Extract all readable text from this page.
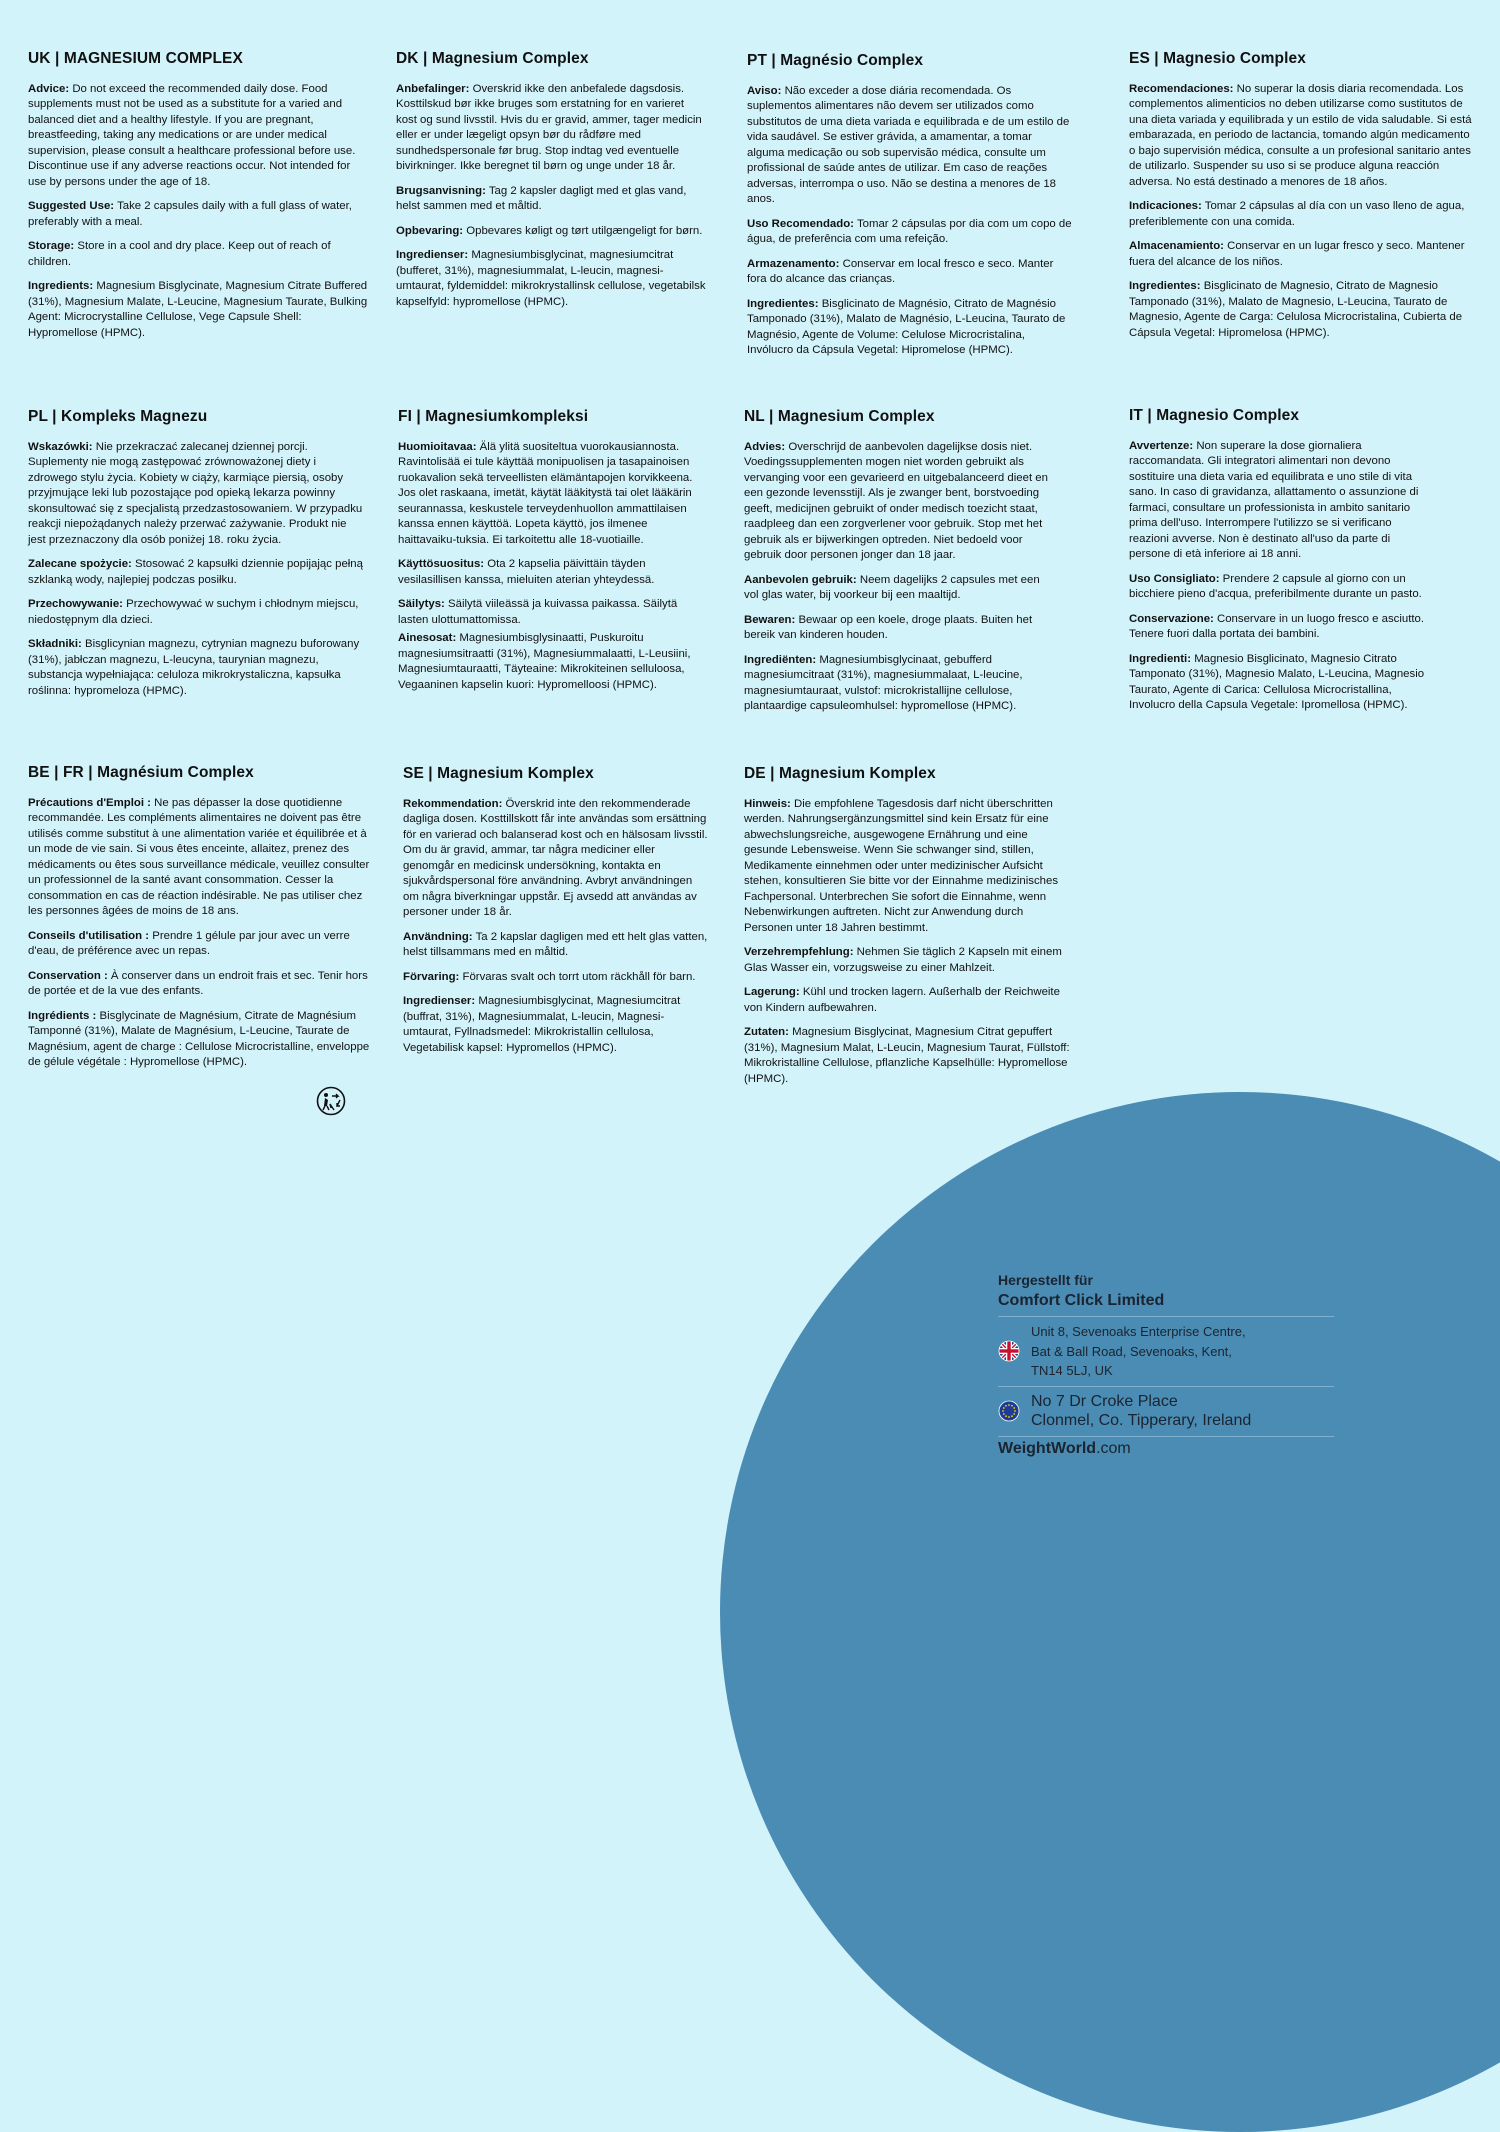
UK | MAGNESIUM COMPLEX

Advice: Do not exceed the recommended daily dose. Food supplements must not be used as a substitute for a varied and balanced diet and a healthy lifestyle. If you are pregnant, breastfeeding, taking any medications or are under medical supervision, please consult a healthcare professional before use. Discontinue use if any adverse reactions occur. Not intended for use by persons under the age of 18.

Suggested Use: Take 2 capsules daily with a full glass of water, preferably with a meal.

Storage: Store in a cool and dry place. Keep out of reach of children.

Ingredients: Magnesium Bisglycinate, Magnesium Citrate Buffered (31%), Magnesium Malate, L-Leucine, Magnesium Taurate, Bulking Agent: Microcrystalline Cellulose, Vege Capsule Shell: Hypromellose (HPMC).

DK | Magnesium Complex

Anbefalinger: Overskrid ikke den anbefalede dagsdosis. Kosttilskud bør ikke bruges som erstatning for en varieret kost og sund livsstil. Hvis du er gravid, ammer, tager medicin eller er under lægeligt opsyn bør du rådføre med sundhedspersonale før brug. Stop indtag ved eventuelle bivirkninger. Ikke beregnet til børn og unge under 18 år.

Brugsanvisning: Tag 2 kapsler dagligt med et glas vand, helst sammen med et måltid.

Opbevaring: Opbevares køligt og tørt utilgængeligt for børn.

Ingredienser: Magnesiumbisglycinat, magnesiumcitrat (bufferet, 31%), magnesiummalat, L-leucin, magnesi-umtaurat, fyldemiddel: mikrokrystallinsk cellulose, vegetabilsk kapselfyld: hypromellose (HPMC).

PT | Magnésio Complex

Aviso: Não exceder a dose diária recomendada. Os suplementos alimentares não devem ser utilizados como substitutos de uma dieta variada e equilibrada e de um estilo de vida saudável. Se estiver grávida, a amamentar, a tomar alguma medicação ou sob supervisão médica, consulte um profissional de saúde antes de utilizar. Em caso de reações adversas, interrompa o uso. Não se destina a menores de 18 anos.

Uso Recomendado: Tomar 2 cápsulas por dia com um copo de água, de preferência com uma refeição.

Armazenamento: Conservar em local fresco e seco. Manter fora do alcance das crianças.

Ingredientes: Bisglicinato de Magnésio, Citrato de Magnésio Tamponado (31%), Malato de Magnésio, L-Leucina, Taurato de Magnésio, Agente de Volume: Celulose Microcristalina, Invólucro da Cápsula Vegetal: Hipromelose (HPMC).

ES | Magnesio Complex

Recomendaciones: No superar la dosis diaria recomendada. Los complementos alimenticios no deben utilizarse como sustitutos de una dieta variada y equilibrada y un estilo de vida saludable. Si está embarazada, en periodo de lactancia, tomando algún medicamento o bajo supervisión médica, consulte a un profesional sanitario antes de utilizarlo. Suspender su uso si se produce alguna reacción adversa. No está destinado a menores de 18 años.

Indicaciones: Tomar 2 cápsulas al día con un vaso lleno de agua, preferiblemente con una comida.

Almacenamiento: Conservar en un lugar fresco y seco. Mantener fuera del alcance de los niños.

Ingredientes: Bisglicinato de Magnesio, Citrato de Magnesio Tamponado (31%), Malato de Magnesio, L-Leucina, Taurato de Magnesio, Agente de Carga: Celulosa Microcristalina, Cubierta de Cápsula Vegetal: Hipromelosa (HPMC).

PL | Kompleks Magnezu

Wskazówki: Nie przekraczać zalecanej dziennej porcji. Suplementy nie mogą zastępować zrównoważonej diety i zdrowego stylu życia. Kobiety w ciąży, karmiące piersią, osoby przyjmujące leki lub pozostające pod opieką lekarza powinny skonsultować się z specjalistą przedzastosowaniem. W przypadku reakcji niepożądanych należy przerwać zażywanie. Produkt nie jest przeznaczony dla osób poniżej 18. roku życia.

Zalecane spożycie: Stosować 2 kapsułki dziennie popijając pełną szklanką wody, najlepiej podczas posiłku.

Przechowywanie: Przechowywać w suchym i chłodnym miejscu, niedostępnym dla dzieci.

Składniki: Bisglicynian magnezu, cytrynian magnezu buforowany (31%), jabłczan magnezu, L-leucyna, taurynian magnezu, substancja wypełniająca: celuloza mikrokrystaliczna, kapsułka roślinna: hypromeloza (HPMC).

FI | Magnesiumkompleksi

Huomioitavaa: Älä ylitä suositeltua vuorokausiannosta. Ravintolisää ei tule käyttää monipuolisen ja tasapainoisen ruokavalion sekä terveellisten elämäntapojen korvikkeena. Jos olet raskaana, imetät, käytät lääkitystä tai olet lääkärin seurannassa, keskustele terveydenhuollon ammattilaisen kanssa ennen käyttöä. Lopeta käyttö, jos ilmenee haittavaiku-tuksia. Ei tarkoitettu alle 18-vuotiaille.

Käyttösuositus: Ota 2 kapselia päivittäin täyden vesilasillisen kanssa, mieluiten aterian yhteydessä.

Säilytys: Säilytä viileässä ja kuivassa paikassa. Säilytä lasten ulottumattomissa.

Ainesosat: Magnesiumbisglysinaatti, Puskuroitu magnesiumsitraatti (31%), Magnesiummalaatti, L-Leusiini, Magnesiumtauraatti, Täyteaine: Mikrokiteinen selluloosa, Vegaaninen kapselin kuori: Hypromelloosi (HPMC).

NL | Magnesium Complex

Advies: Overschrijd de aanbevolen dagelijkse dosis niet. Voedingssupplementen mogen niet worden gebruikt als vervanging voor een gevarieerd en uitgebalanceerd dieet en een gezonde levensstijl. Als je zwanger bent, borstvoeding geeft, medicijnen gebruikt of onder medisch toezicht staat, raadpleeg dan een zorgverlener voor gebruik. Stop met het gebruik als er bijwerkingen optreden. Niet bedoeld voor gebruik door personen jonger dan 18 jaar.

Aanbevolen gebruik: Neem dagelijks 2 capsules met een vol glas water, bij voorkeur bij een maaltijd.

Bewaren: Bewaar op een koele, droge plaats. Buiten het bereik van kinderen houden.

Ingrediënten: Magnesiumbisglycinaat, gebufferd magnesiumcitraat (31%), magnesiummalaat, L-leucine, magnesiumtauraat, vulstof: microkristallijne cellulose, plantaardige capsuleomhulsel: hypromellose (HPMC).

IT | Magnesio Complex

Avvertenze: Non superare la dose giornaliera raccomandata. Gli integratori alimentari non devono sostituire una dieta varia ed equilibrata e uno stile di vita sano. In caso di gravidanza, allattamento o assunzione di farmaci, consultare un professionista in ambito sanitario prima dell'uso. Interrompere l'utilizzo se si verificano reazioni avverse. Non è destinato all'uso da parte di persone di età inferiore ai 18 anni.

Uso Consigliato: Prendere 2 capsule al giorno con un bicchiere pieno d'acqua, preferibilmente durante un pasto.

Conservazione: Conservare in un luogo fresco e asciutto. Tenere fuori dalla portata dei bambini.

Ingredienti: Magnesio Bisglicinato, Magnesio Citrato Tamponato (31%), Magnesio Malato, L-Leucina, Magnesio Taurato, Agente di Carica: Cellulosa Microcristallina, Involucro della Capsula Vegetale: Ipromellosa (HPMC).

BE | FR | Magnésium Complex

Précautions d'Emploi : Ne pas dépasser la dose quotidienne recommandée. Les compléments alimentaires ne doivent pas être utilisés comme substitut à une alimentation variée et équilibrée et à un mode de vie sain. Si vous êtes enceinte, allaitez, prenez des médicaments ou êtes sous surveillance médicale, veuillez consulter un professionnel de la santé avant consommation. Cesser la consommation en cas de réaction indésirable. Ne pas utiliser chez les personnes âgées de moins de 18 ans.

Conseils d'utilisation : Prendre 1 gélule par jour avec un verre d'eau, de préférence avec un repas.

Conservation : À conserver dans un endroit frais et sec. Tenir hors de portée et de la vue des enfants.

Ingrédients : Bisglycinate de Magnésium, Citrate de Magnésium Tamponné (31%), Malate de Magnésium, L-Leucine, Taurate de Magnésium, agent de charge : Cellulose Microcristalline, enveloppe de gélule végétale : Hypromellose (HPMC).

SE | Magnesium Komplex

Rekommendation: Överskrid inte den rekommenderade dagliga dosen. Kosttillskott får inte användas som ersättning för en varierad och balanserad kost och en hälsosam livsstil. Om du är gravid, ammar, tar några mediciner eller genomgår en medicinsk undersökning, kontakta en sjukvårdspersonal före användning. Avbryt användningen om några biverkningar uppstår. Ej avsedd att användas av personer under 18 år.

Användning: Ta 2 kapslar dagligen med ett helt glas vatten, helst tillsammans med en måltid.

Förvaring: Förvaras svalt och torrt utom räckhåll för barn.

Ingredienser: Magnesiumbisglycinat, Magnesiumcitrat (buffrat, 31%), Magnesiummalat, L-leucin, Magnesi-umtaurat, Fyllnadsmedel: Mikrokristallin cellulosa, Vegetabilisk kapsel: Hypromellos (HPMC).

DE | Magnesium Komplex

Hinweis: Die empfohlene Tagesdosis darf nicht überschritten werden. Nahrungsergänzungsmittel sind kein Ersatz für eine abwechslungsreiche, ausgewogene Ernährung und eine gesunde Lebensweise. Wenn Sie schwanger sind, stillen, Medikamente einnehmen oder unter medizinischer Aufsicht stehen, konsultieren Sie bitte vor der Einnahme medizinisches Fachpersonal. Unterbrechen Sie sofort die Einnahme, wenn Nebenwirkungen auftreten. Nicht zur Anwendung durch Personen unter 18 Jahren bestimmt.

Verzehrempfehlung: Nehmen Sie täglich 2 Kapseln mit einem Glas Wasser ein, vorzugsweise zu einer Mahlzeit.

Lagerung: Kühl und trocken lagern. Außerhalb der Reichweite von Kindern aufbewahren.

Zutaten: Magnesium Bisglycinat, Magnesium Citrat gepuffert (31%), Magnesium Malat, L-Leucin, Magnesium Taurat, Füllstoff: Mikrokristalline Cellulose, pflanzliche Kapselhülle: Hypromellose (HPMC).

Hergestellt für

Comfort Click Limited

Unit 8, Sevenoaks Enterprise Centre,
Bat & Ball Road, Sevenoaks, Kent,
TN14 5LJ, UK
No 7 Dr Croke Place
Clonmel, Co. Tipperary, Ireland
WeightWorld.com
